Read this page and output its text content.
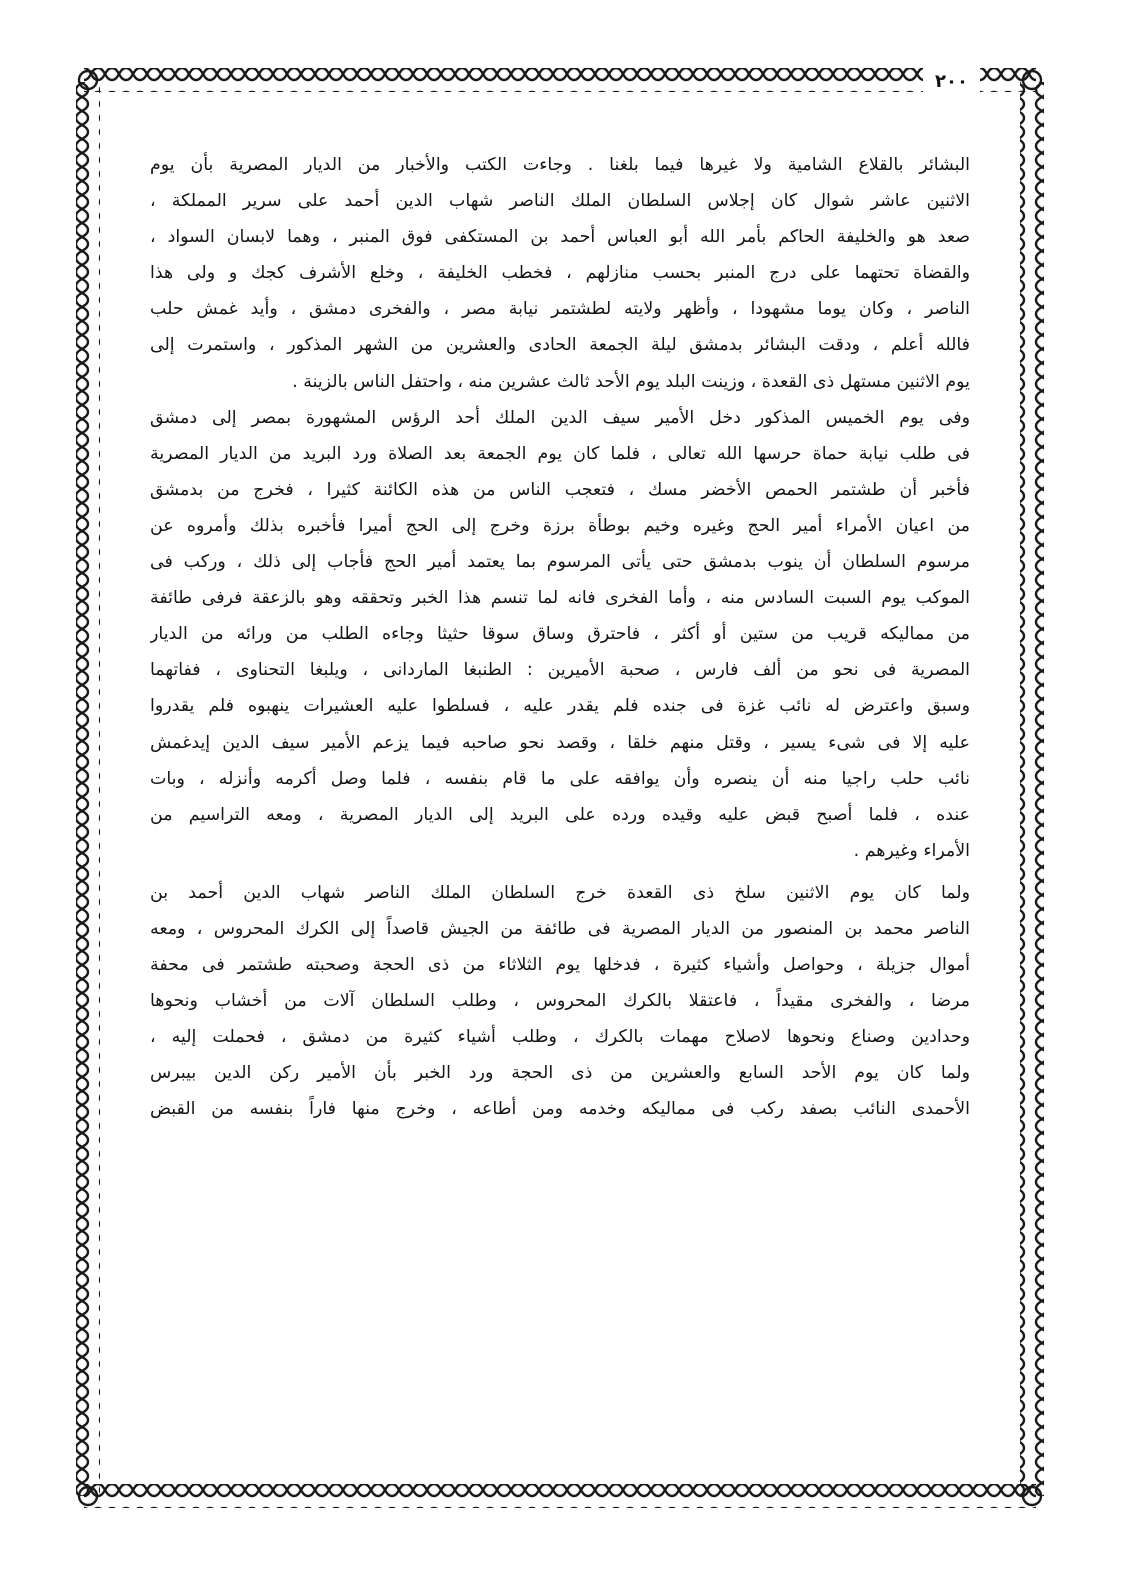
٢٠٠

البشائر بالقلاع الشامية ولا غيرها فيما بلغنا . وجاءت الكتب والأخبار من الديار المصرية بأن يوم
الاثنين عاشر شوال كان إجلاس السلطان الملك الناصر شهاب الدين أحمد على سرير المملكة ،
صعد هو والخليفة الحاكم بأمر الله أبو العباس أحمد بن المستكفى فوق المنبر ، وهما لابسان السواد ،
والقضاة تحتهما على درج المنبر بحسب منازلهم ، فخطب الخليفة ، وخلع الأشرف كجك و ولى هذا
الناصر ، وكان يوما مشهودا ، وأظهر ولايته لطشتمر نيابة مصر ، والفخرى دمشق ، وأيد غمش حلب
فالله أعلم ، ودقت البشائر بدمشق ليلة الجمعة الحادى والعشرين من الشهر المذكور ، واستمرت إلى
يوم الاثنين مستهل ذى القعدة ، وزينت البلد يوم الأحد ثالث عشرين منه ، واحتفل الناس بالزينة .

وفى يوم الخميس المذكور دخل الأمير سيف الدين الملك أحد الرؤس المشهورة بمصر إلى دمشق
فى طلب نيابة حماة حرسها الله تعالى ، فلما كان يوم الجمعة بعد الصلاة ورد البريد من الديار المصرية
فأخبر أن طشتمر الحمص الأخضر مسك ، فتعجب الناس من هذه الكائنة كثيرا ، فخرج من بدمشق
من اعيان الأمراء أمير الحج وغيره وخيم بوطأة برزة وخرج إلى الحج أميرا فأخبره بذلك وأمروه عن
مرسوم السلطان أن ينوب بدمشق حتى يأتى المرسوم بما يعتمد أمير الحج فأجاب إلى ذلك ، وركب فى
الموكب يوم السبت السادس منه ، وأما الفخرى فانه لما تنسم هذا الخبر وتحققه وهو بالزعقة فرفى طائفة
من مماليكه قريب من ستين أو أكثر ، فاحترق وساق سوقا حثيثا وجاءه الطلب من ورائه من الديار
المصرية فى نحو من ألف فارس ، صحبة الأميرين : الطنبغا الماردانى ، ويلبغا التحناوى ، ففاتهما
وسبق واعترض له نائب غزة فى جنده فلم يقدر عليه ، فسلطوا عليه العشيرات ينهبوه فلم يقدروا
عليه إلا فى شىء يسير ، وقتل منهم خلقا ، وقصد نحو صاحبه فيما يزعم الأمير سيف الدين إيدغمش
نائب حلب راجيا منه أن ينصره وأن يوافقه على ما قام بنفسه ، فلما وصل أكرمه وأنزله ، وبات
عنده ، فلما أصبح قبض عليه وقيده ورده على البريد إلى الديار المصرية ، ومعه التراسيم من
الأمراء وغيرهم .

ولما كان يوم الاثنين سلخ ذى القعدة خرج السلطان الملك الناصر شهاب الدين أحمد بن
الناصر محمد بن المنصور من الديار المصرية فى طائفة من الجيش قاصداً إلى الكرك المحروس ، ومعه
أموال جزيلة ، وحواصل وأشياء كثيرة ، فدخلها يوم الثلاثاء من ذى الحجة وصحبته طشتمر فى محفة
مرضا ، والفخرى مقيداً ، فاعتقلا بالكرك المحروس ، وطلب السلطان آلات من أخشاب ونحوها
وحدادين وصناع ونحوها لاصلاح مهمات بالكرك ، وطلب أشياء كثيرة من دمشق ، فحملت إليه ،
ولما كان يوم الأحد السابع والعشرين من ذى الحجة ورد الخبر بأن الأمير ركن الدين بيبرس
الأحمدى النائب بصفد ركب فى مماليكه وخدمه ومن أطاعه ، وخرج منها فاراً بنفسه من القبض
